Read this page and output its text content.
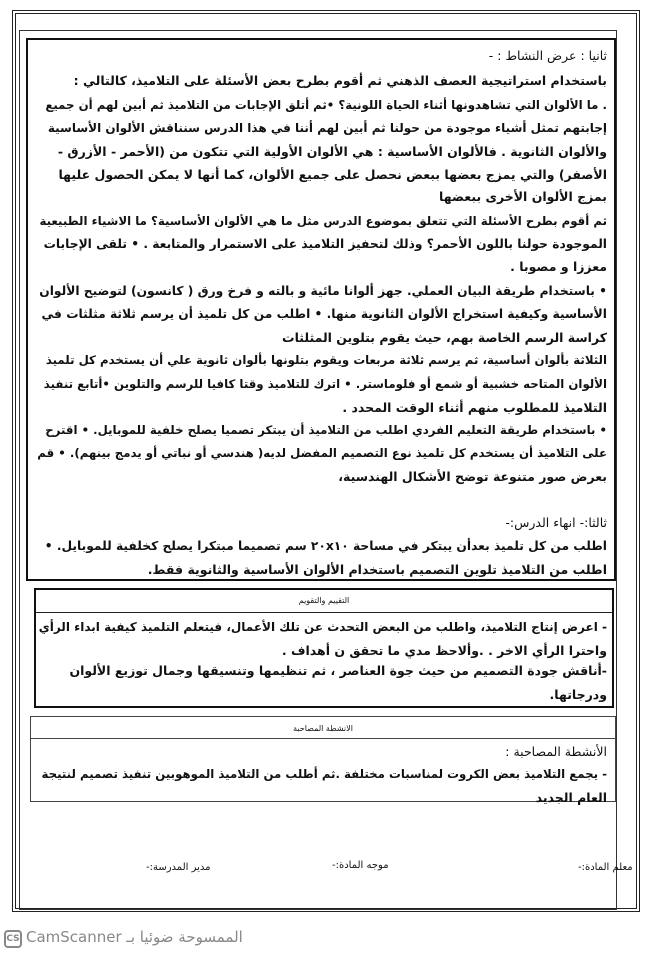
ثانيا : عرض النشاط : -
باستخدام استراتيجية العصف الذهني ثم أقوم بطرح بعض الأسئلة على التلاميذ، كالتالي :
. ما الألوان التي تشاهدونها أثناء الحياة اللونية؟ •ثم أتلق الإجابات من التلاميذ ثم أبين لهم أن جميع
إجابتهم تمثل أشياء موجودة من حولنا ثم أبين لهم أننا في هذا الدرس سنناقش الألوان الأساسية
والألوان الثانوية . فالألوان الأساسية : هي الألوان الأولية التي تتكون من (الأحمر - الأزرق -
الأصفر) والتي يمزج بعضها ببعض نحصل على جميع الألوان، كما أنها لا يمكن الحصول عليها
بمزج الألوان الأخرى ببعضها
ثم أقوم بطرح الأسئلة التي تتعلق بموضوع الدرس مثل ما هي الألوان الأساسية؟ ما الاشياء الطبيعية
الموجودة حولنا باللون الأحمر؟ وذلك لتحفيز التلاميذ على الاستمرار والمتابعة . • تلقى الإجابات
معززا و مصوبا .
• باستخدام طريقة البيان العملي. جهز ألوانا مائية و بالته و فرخ ورق ( كانسون) لتوضيح الألوان
الأساسية وكيفية استخراج الألوان الثانوية منها. • اطلب من كل تلميذ أن يرسم ثلاثة مثلثات في
كراسة الرسم الخاصة بهم، حيث يقوم بتلوين المثلثات
الثلاثة بألوان أساسية، ثم يرسم ثلاثة مربعات ويقوم بتلونها بألوان ثانوية علي أن يستخدم كل تلميذ
الألوان المتاحه خشبية أو شمع أو فلوماستر. • اترك للتلاميذ وقتا كافيا للرسم والتلوين •أتابع تنفيذ
التلاميذ للمطلوب منهم أثناء الوقت المحدد .
• باستخدام طريقة التعليم الفردي اطلب من التلاميذ أن يبتكر تصميا يصلح خلفية للموبايل. • اقترح
على التلاميذ أن يستخدم كل تلميذ نوع التصميم المفضل لديه( هندسي أو نباتي أو يدمج بينهم). • قم
بعرض صور متنوعة توضح الأشكال الهندسية،
ثالثا:- انهاء الدرس:-
اطلب من كل تلميذ بعدأن يبتكر في مساحة ٢٠x١٠ سم تصميما مبتكرا يصلح كخلفية للموبايل. •
اطلب من التلاميذ تلوين التصميم باستخدام الألوان الأساسية والثانوية فقط.
التقييم والتقويم
- اعرض إنتاج التلاميذ، واطلب من البعض التحدث عن تلك الأعمال، فيتعلم التلميذ كيفية ابداء الرأي
واحترا الرأي الاخر . .وألاحظ مدي ما تحقق ن أهداف .
-أناقش جودة التصميم من حيث جوة العناصر ، ثم تنظيمها وتنسيقها وجمال توزيع الألوان
ودرجاتها.
الانشطة المصاحبة
الأنشطة المصاحبة :
- يجمع التلاميذ بعض الكروت لمناسبات مختلفة .ثم أطلب من التلاميذ الموهوبين تنفيذ تصميم لنتيجة
العام الجديد
معلم المادة:-
موجه المادة:-
مدير المدرسة:-
CS الممسوحة ضوئيا بـ CamScanner
